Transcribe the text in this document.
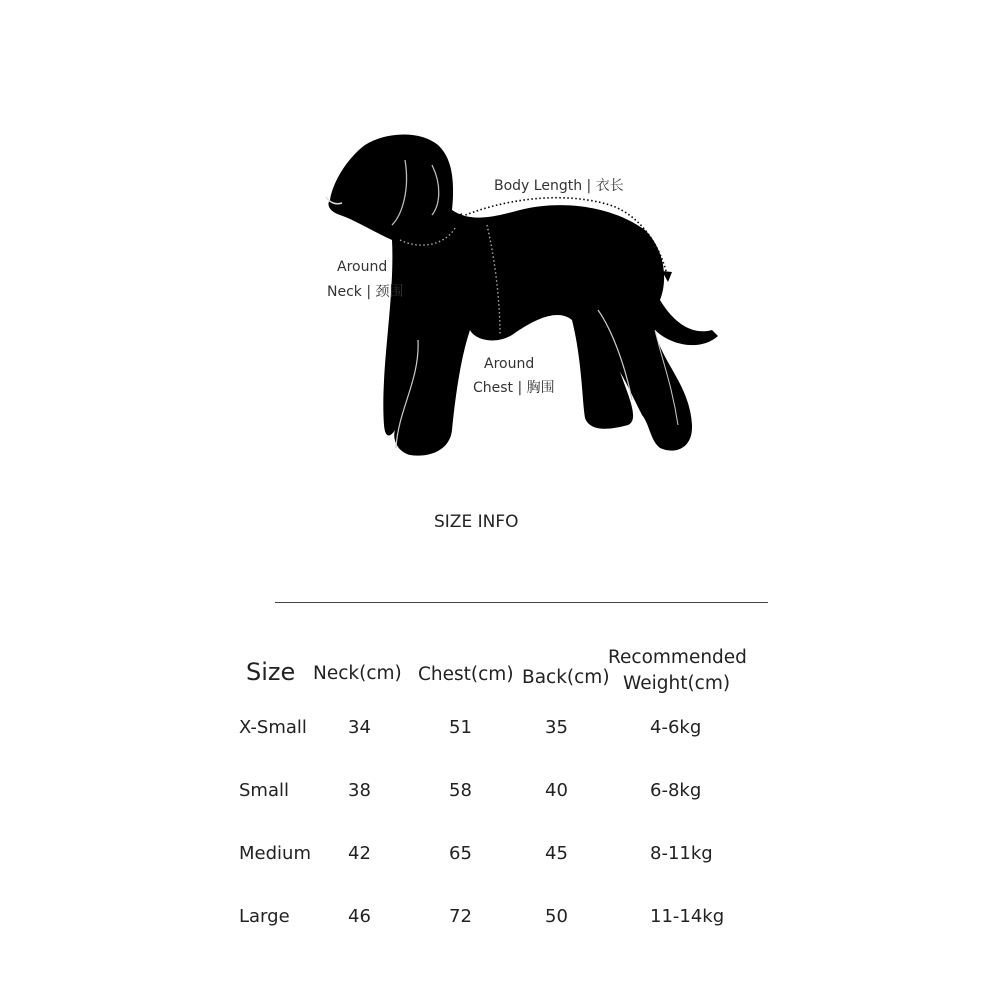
Body Length | 衣长
Around
Neck | 颈围
Around
Chest | 胸围
SIZE INFO
Size Neck(cm) Chest(cm) Back(cm)
Recommended
Weight(cm)
X-Small 34	51	35	4-6kg
Small	38	58	40	6-8kg
Medium 42	65	45	8-11kg
Large	46	72	50	11-14kg
